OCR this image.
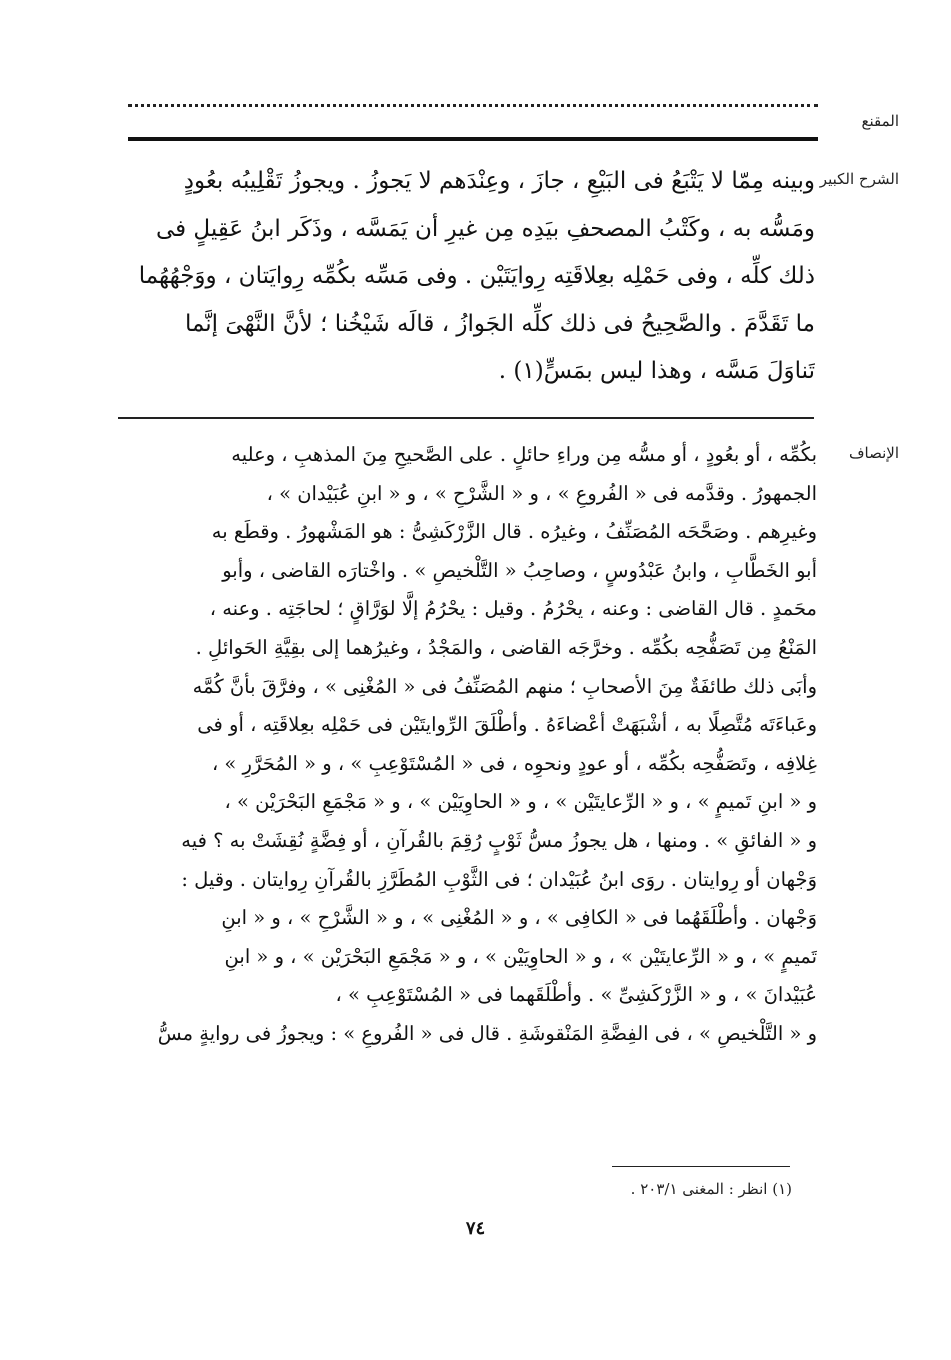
المقنع
الشرح الكبير
وبينه مِمّا لا يَتْبَعُ فى البَيْعِ ، جازَ ، وعِنْدَهم لا يَجوزُ . ويجوزُ تَقْلِيبُه بعُودٍ
ومَسُّه به ، وكَتْبُ المصحفِ بيَدِه مِن غيرِ أن يَمَسَّه ، وذَكَر ابنُ عَقِيلٍ فى
ذلك كلِّه ، وفى حَمْلِه بعِلاقَتِه رِوايَتَيْن . وفى مَسِّه بكُمِّه رِوايَتان ، ووَجْهُهُما
ما تَقَدَّمَ . والصَّحِيحُ فى ذلك كلِّه الجَوازُ ، قالَه شَيْخُنا ؛ لأنَّ النَّهْىَ إنَّما
تَناوَلَ مَسَّه ، وهذا ليس بمَسٍّ(١) .
الإنصاف
بكُمِّه ، أو بعُودٍ ، أو مسُّه مِن وراءِ حائلٍ . على الصَّحيحِ مِنَ المذهبِ ، وعليه
الجمهورُ . وقدَّمه فى « الفُروعِ » ، و « الشَّرْحِ » ، و « ابنِ عُبَيْدان » ،
وغيرِهم . وصَحَّحَه المُصَنِّفُ ، وغيرُه . قال الزَّرْكَشِىُّ : هو المَشْهورُ . وقطَع به
أبو الخَطَّابِ ، وابنُ عَبْدُوسٍ ، وصاحِبُ « التَّلْخيصِ » . واخْتارَه القاضى ، وأبو
محَمدٍ . قال القاضى : وعنه ، يحْرُمُ . وقيل : يحْرُمُ إلَّا لوَرَّاقٍ ؛ لحاجَتِه . وعنه ،
المَنْعُ مِن تَصَفُّحِه بكُمِّه . وخرَّجَه القاضى ، والمَجْدُ ، وغيرُهما إلى بقِيَّةِ الحَوائلِ .
وأبَى ذلك طائفَةٌ مِنَ الأصحابِ ؛ منهم المُصَنِّفُ فى « المُغْنِى » ، وفرَّقَ بأنَّ كُمَّه
وعَباءَتَه مُتَّصِلًا به ، أشْبَهَتْ أعْضاءَهُ . وأطْلَقَ الرِّوايتَيْن فى حَمْلِه بعِلاقَتِه ، أو فى
غِلافِه ، وتَصَفُّحِه بكُمِّه ، أو عودٍ ونحوِه ، فى « المُسْتَوْعِبِ » ، و « المُحَرَّرِ » ،
و « ابنِ تَميمٍ » ، و « الرِّعايتَيْن » ، و « الحاوِيَيْن » ، و « مَجْمَعِ البَحْرَيْن » ،
و « الفائقِ » . ومنها ، هل يجوزُ مسُّ ثَوْبٍ رُقِمَ بالقُرآنِ ، أو فِضَّةٍ نُقِشَتْ به ؟ فيه
وَجْهان أو رِوايتان . روَى ابنُ عُبَيْدان ؛ فى الثَّوْبِ المُطَرَّزِ بالقُرآنِ رِوايتان . وقيل :
وَجْهان . وأطْلَقَهُما فى « الكافِى » ، و « المُغْنِى » ، و « الشَّرْحِ » ، و « ابنِ
تَميمٍ » ، و « الرِّعايتَيْن » ، و « الحاوِيَيْن » ، و « مَجْمَعِ البَحْرَيْن » ، و « ابنِ
عُبَيْدانَ » ، و « الزَّرْكَشِىِّ » . وأطْلَقَهما فى « المُسْتَوْعِبِ » ،
و « التَّلْخيصِ » ، فى الفِضَّةِ المَنْقوشَةِ . قال فى « الفُروعِ » : ويجوزُ فى روايةٍ مسُّ
(١) انظر : المغنى ٢٠٣/١ .
٧٤
